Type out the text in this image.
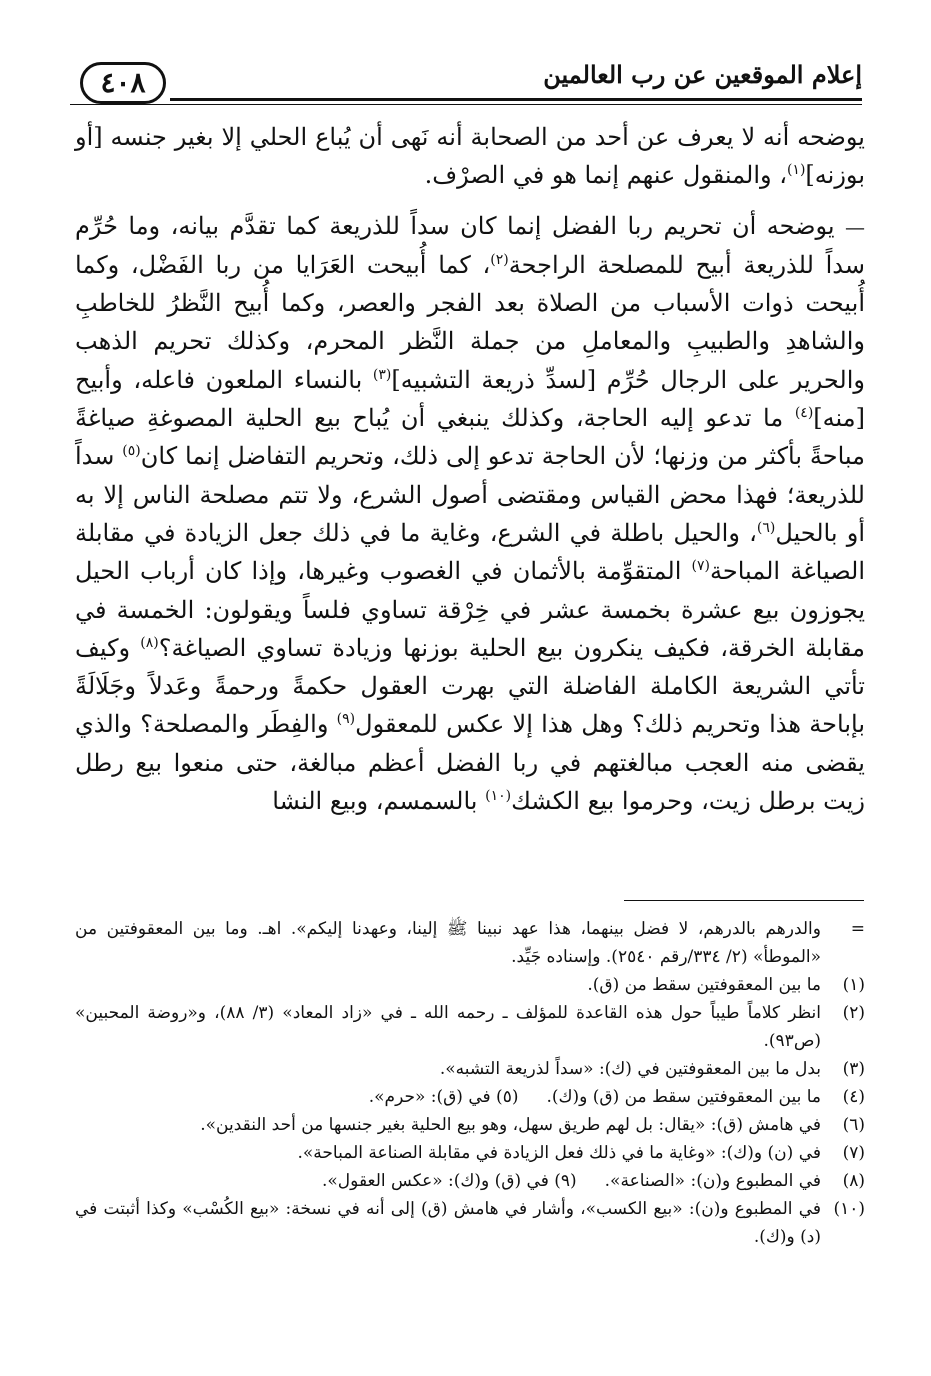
إعلام الموقعين عن رب العالمين
٤٠٨

يوضحه أنه لا يعرف عن أحد من الصحابة أنه نَهى أن يُباع الحلي إلا بغير جنسه [أو بوزنه]$^{(١)}$، والمنقول عنهم إنما هو في الصرْف.

— يوضحه أن تحريم ربا الفضل إنما كان سداً للذريعة كما تقدَّم بيانه، وما حُرِّم سداً للذريعة أبيح للمصلحة الراجحة$^{(٢)}$، كما أُبيحت العَرَايا من ربا الفَضْل، وكما أُبيحت ذوات الأسباب من الصلاة بعد الفجر والعصر، وكما أُبيح النَّظرُ للخاطبِ والشاهدِ والطبيبِ والمعاملِ من جملة النَّظر المحرم، وكذلك تحريم الذهب والحرير على الرجال حُرِّم [لسدِّ ذريعة التشبيه]$^{(٣)}$ بالنساء الملعون فاعله، وأبيح [منه]$^{(٤)}$ ما تدعو إليه الحاجة، وكذلك ينبغي أن يُباح بيع الحلية المصوغةِ صياغةً مباحةً بأكثر من وزنها؛ لأن الحاجة تدعو إلى ذلك، وتحريم التفاضل إنما كان$^{(٥)}$ سداً للذريعة؛ فهذا محض القياس ومقتضى أصول الشرع، ولا تتم مصلحة الناس إلا به أو بالحيل$^{(٦)}$، والحيل باطلة في الشرع، وغاية ما في ذلك جعل الزيادة في مقابلة الصياغة المباحة$^{(٧)}$ المتقوِّمة بالأثمان في الغصوب وغيرها، وإذا كان أرباب الحيل يجوزون بيع عشرة بخمسة عشر في خِرْقة تساوي فلساً ويقولون: الخمسة في مقابلة الخرقة، فكيف ينكرون بيع الحلية بوزنها وزيادة تساوي الصياغة؟$^{(٨)}$ وكيف تأتي الشريعة الكاملة الفاضلة التي بهرت العقول حكمةً ورحمةً وعَدلاً وجَلَالَةً بإباحة هذا وتحريم ذلك؟ وهل هذا إلا عكس للمعقول$^{(٩)}$ والفِطَر والمصلحة؟ والذي يقضى منه العجب مبالغتهم في ربا الفضل أعظم مبالغة، حتى منعوا بيع رطل زيت برطل زيت، وحرموا بيع الكشك$^{(١٠)}$ بالسمسم، وبيع النشا

=
والدرهم بالدرهم، لا فضل بينهما، هذا عهد نبينا ﷺ إلينا، وعهدنا إليكم». اهـ. وما بين المعقوفتين من «الموطأ» (٢/ ٣٣٤/رقم ٢٥٤٠). وإسناده جَيِّد.
(١)
ما بين المعقوفتين سقط من (ق).
(٢)
انظر كلاماً طيباً حول هذه القاعدة للمؤلف ـ رحمه الله ـ في «زاد المعاد» (٣/ ٨٨)، و«روضة المحبين» (ص٩٣).
(٣)
بدل ما بين المعقوفتين في (ك): «سداً لذريعة التشبه».
(٤)
ما بين المعقوفتين سقط من (ق) و(ك).(٥) في (ق): «حرم».
(٦)
في هامش (ق): «يقال: بل لهم طريق سهل، وهو بيع الحلية بغير جنسها من أحد النقدين».
(٧)
في (ن) و(ك): «وغاية ما في ذلك فعل الزيادة في مقابلة الصناعة المباحة».
(٨)
في المطبوع و(ن): «الصناعة».(٩) في (ق) و(ك): «عكس العقول».
(١٠)
في المطبوع و(ن): «بيع الكسب»، وأشار في هامش (ق) إلى أنه في نسخة: «بيع الكُسْب» وكذا أثبتت في (د) و(ك).
